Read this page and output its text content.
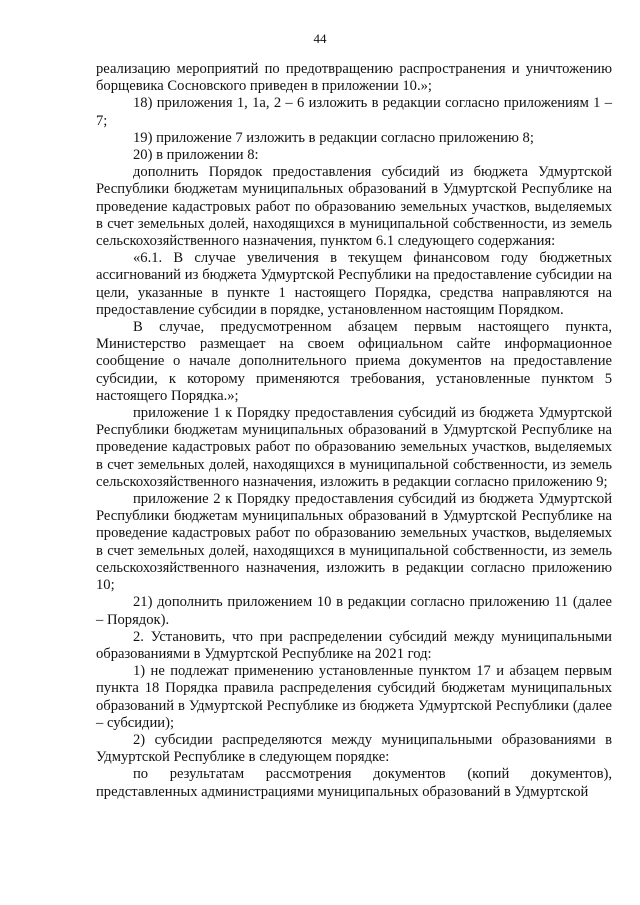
44

реализацию мероприятий по предотвращению распространения и уничтожению борщевика Сосновского приведен в приложении 10.»;

18) приложения 1, 1а, 2 – 6 изложить в редакции согласно приложениям 1 – 7;

19) приложение 7 изложить в редакции согласно приложению 8;

20) в приложении 8:

дополнить Порядок предоставления субсидий из бюджета Удмуртской Республики бюджетам муниципальных образований в Удмуртской Республике на проведение кадастровых работ по образованию земельных участков, выделяемых в счет земельных долей, находящихся в муниципальной собственности, из земель сельскохозяйственного назначения, пунктом 6.1 следующего содержания:

«6.1. В случае увеличения в текущем финансовом году бюджетных ассигнований из бюджета Удмуртской Республики на предоставление субсидии на цели, указанные в пункте 1 настоящего Порядка, средства направляются на предоставление субсидии в порядке, установленном настоящим Порядком.

В случае, предусмотренном абзацем первым настоящего пункта, Министерство размещает на своем официальном сайте информационное сообщение о начале дополнительного приема документов на предоставление субсидии, к которому применяются требования, установленные пунктом 5 настоящего Порядка.»;

приложение 1 к Порядку предоставления субсидий из бюджета Удмуртской Республики бюджетам муниципальных образований в Удмуртской Республике на проведение кадастровых работ по образованию земельных участков, выделяемых в счет земельных долей, находящихся в муниципальной собственности, из земель сельскохозяйственного назначения, изложить в редакции согласно приложению 9;

приложение 2 к Порядку предоставления субсидий из бюджета Удмуртской Республики бюджетам муниципальных образований в Удмуртской Республике на проведение кадастровых работ по образованию земельных участков, выделяемых в счет земельных долей, находящихся в муниципальной собственности, из земель сельскохозяйственного назначения, изложить в редакции согласно приложению 10;

21) дополнить приложением 10 в редакции согласно приложению 11 (далее – Порядок).

2. Установить, что при распределении субсидий между муниципальными образованиями в Удмуртской Республике на 2021 год:

1) не подлежат применению установленные пунктом 17 и абзацем первым пункта 18 Порядка правила распределения субсидий бюджетам муниципальных образований в Удмуртской Республике из бюджета Удмуртской Республики (далее – субсидии);

2) субсидии распределяются между муниципальными образованиями в Удмуртской Республике в следующем порядке:

по результатам рассмотрения документов (копий документов), представленных администрациями муниципальных образований в Удмуртской
